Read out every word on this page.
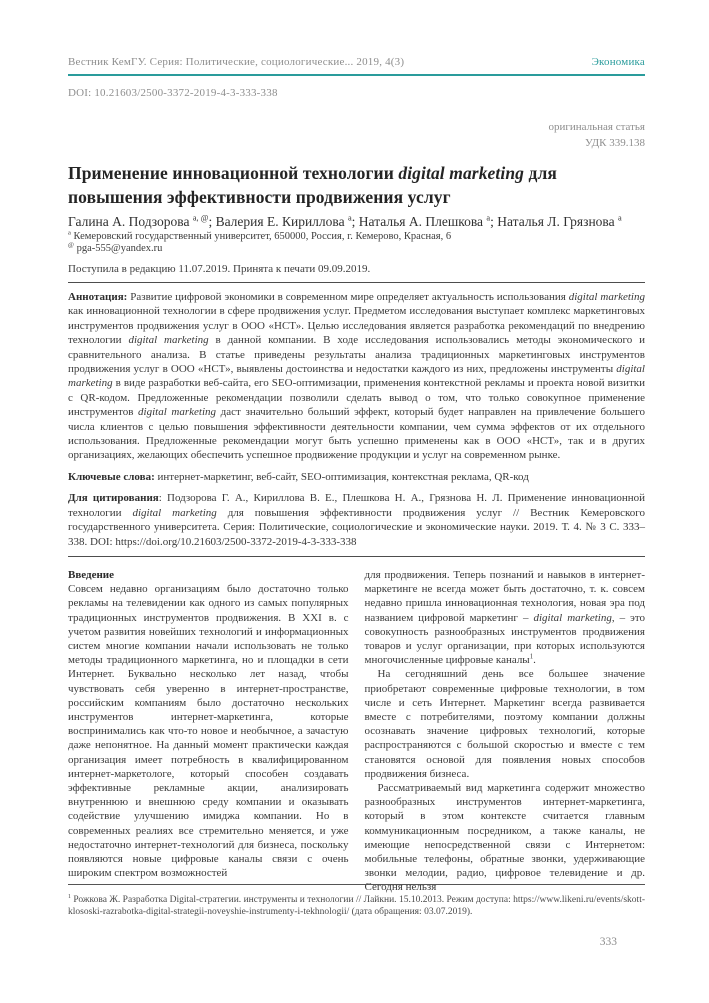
Вестник КемГУ. Серия: Политические, социологические... 2019, 4(3)	Экономика
DOI: 10.21603/2500-3372-2019-4-3-333-338
оригинальная статья
УДК 339.138
Применение инновационной технологии digital marketing для повышения эффективности продвижения услуг
Галина А. Подзорова $^{a, @}$; Валерия Е. Кириллова $^a$; Наталья А. Плешкова $^a$; Наталья Л. Грязнова $^a$
$^a$ Кемеровский государственный университет, 650000, Россия, г. Кемерово, Красная, 6
@ pga-555@yandex.ru
Поступила в редакцию 11.07.2019. Принята к печати 09.09.2019.

Аннотация: Развитие цифровой экономики в современном мире определяет актуальность использования digital marketing как инновационной технологии в сфере продвижения услуг. Предметом исследования выступает комплекс маркетинговых инструментов продвижения услуг в ООО «НСТ». Целью исследования является разработка рекомендаций по внедрению технологии digital marketing в данной компании. В ходе исследования использовались методы экономического и сравнительного анализа. В статье приведены результаты анализа традиционных маркетинговых инструментов продвижения услуг в ООО «НСТ», выявлены достоинства и недостатки каждого из них, предложены инструменты digital marketing в виде разработки веб-сайта, его SEO-оптимизации, применения контекстной рекламы и проекта новой визитки с QR-кодом. Предложенные рекомендации позволили сделать вывод о том, что только совокупное применение инструментов digital marketing даст значительно больший эффект, который будет направлен на привлечение большего числа клиентов с целью повышения эффективности деятельности компании, чем сумма эффектов от их отдельного использования. Предложенные рекомендации могут быть успешно применены как в ООО «НСТ», так и в других организациях, желающих обеспечить успешное продвижение продукции и услуг на современном рынке.

Ключевые слова: интернет-маркетинг, веб-сайт, SEO-оптимизация, контекстная реклама, QR-код

Для цитирования: Подзорова Г. А., Кириллова В. Е., Плешкова Н. А., Грязнова Н. Л. Применение инновационной технологии digital marketing для повышения эффективности продвижения услуг // Вестник Кемеровского государственного университета. Серия: Политические, социологические и экономические науки. 2019. Т. 4. № 3 С. 333–338. DOI: https://doi.org/10.21603/2500-3372-2019-4-3-333-338

Введение

Совсем недавно организациям было достаточно только рекламы на телевидении как одного из самых популярных традиционных инструментов продвижения. В XXI в. с учетом развития новейших технологий и информационных систем многие компании начали использовать не только методы традиционного маркетинга, но и площадки в сети Интернет. Буквально несколько лет назад, чтобы чувствовать себя уверенно в интернет-пространстве, российским компаниям было достаточно нескольких инструментов интернет-маркетинга, которые воспринимались как что-то новое и необычное, а зачастую даже непонятное. На данный момент практически каждая организация имеет потребность в квалифицированном интернет-маркетологе, который способен создавать эффективные рекламные акции, анализировать внутреннюю и внешнюю среду компании и оказывать содействие улучшению имиджа компании. Но в современных реалиях все стремительно меняется, и уже недостаточно интернет-технологий для бизнеса, поскольку появляются новые цифровые каналы связи с очень широким спектром возможностей

для продвижения. Теперь познаний и навыков в интернет-маркетинге не всегда может быть достаточно, т. к. совсем недавно пришла инновационная технология, новая эра под названием цифровой маркетинг – digital marketing, – это совокупность разнообразных инструментов продвижения товаров и услуг организации, при которых используются многочисленные цифровые каналы$^1$.

На сегодняшний день все большее значение приобретают современные цифровые технологии, в том числе и сеть Интернет. Маркетинг всегда развивается вместе с потребителями, поэтому компании должны осознавать значение цифровых технологий, которые распространяются с большой скоростью и вместе с тем становятся основой для появления новых способов продвижения бизнеса.

Рассматриваемый вид маркетинга содержит множество разнообразных инструментов интернет-маркетинга, который в этом контексте считается главным коммуникационным посредником, а также каналы, не имеющие непосредственной связи с Интернетом: мобильные телефоны, обратные звонки, удерживающие звонки мелодии, радио, цифровое телевидение и др. Сегодня нельзя

$^1$ Рожкова Ж. Разработка Digital-стратегии. инструменты и технологии // Лайкни. 15.10.2013. Режим доступа: https://www.likeni.ru/events/skott-klososki-razrabotka-digital-strategii-noveyshie-instrumenty-i-tekhnologii/ (дата обращения: 03.07.2019).
333
